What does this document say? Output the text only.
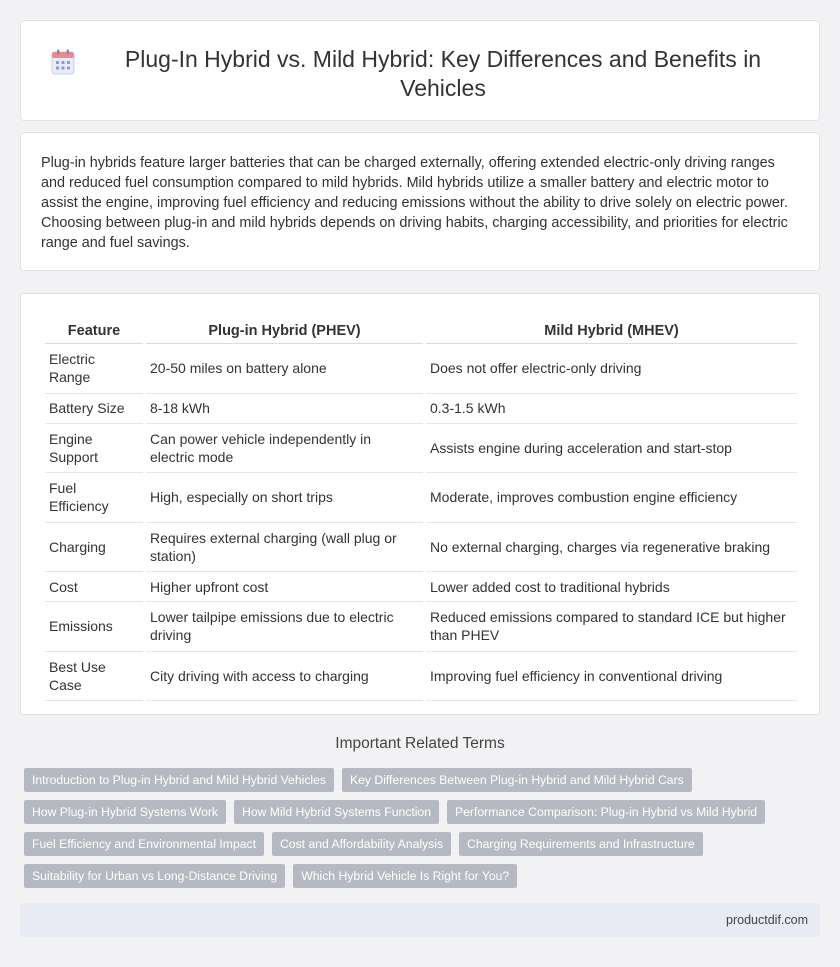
Plug-In Hybrid vs. Mild Hybrid: Key Differences and Benefits in Vehicles

Plug-in hybrids feature larger batteries that can be charged externally, offering extended electric-only driving ranges and reduced fuel consumption compared to mild hybrids. Mild hybrids utilize a smaller battery and electric motor to assist the engine, improving fuel efficiency and reducing emissions without the ability to drive solely on electric power. Choosing between plug-in and mild hybrids depends on driving habits, charging accessibility, and priorities for electric range and fuel savings.

Feature	Plug-in Hybrid (PHEV)	Mild Hybrid (MHEV)
Electric Range	20-50 miles on battery alone	Does not offer electric-only driving
Battery Size	8-18 kWh	0.3-1.5 kWh
Engine Support	Can power vehicle independently in electric mode	Assists engine during acceleration and start-stop
Fuel Efficiency	High, especially on short trips	Moderate, improves combustion engine efficiency
Charging	Requires external charging (wall plug or station)	No external charging, charges via regenerative braking
Cost	Higher upfront cost	Lower added cost to traditional hybrids
Emissions	Lower tailpipe emissions due to electric driving	Reduced emissions compared to standard ICE but higher than PHEV
Best Use Case	City driving with access to charging	Improving fuel efficiency in conventional driving
Important Related Terms
Introduction to Plug-in Hybrid and Mild Hybrid Vehicles	Key Differences Between Plug-in Hybrid and Mild Hybrid Cars
How Plug-in Hybrid Systems Work	How Mild Hybrid Systems Function	Performance Comparison: Plug-in Hybrid vs Mild Hybrid
Fuel Efficiency and Environmental Impact	Cost and Affordability Analysis	Charging Requirements and Infrastructure
Suitability for Urban vs Long-Distance Driving	Which Hybrid Vehicle Is Right for You?
productdif.com
